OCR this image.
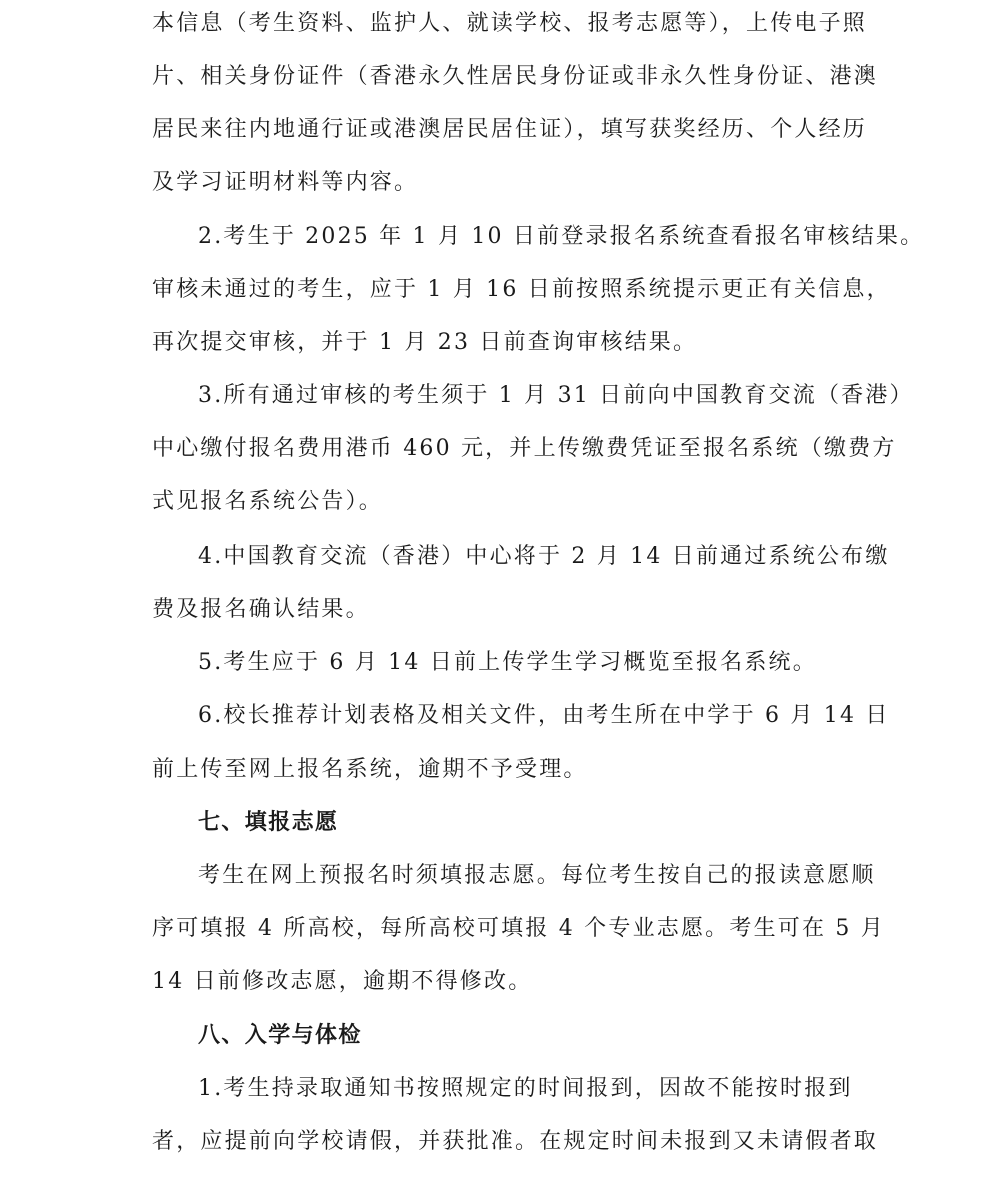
本信息（考生资料、监护人、就读学校、报考志愿等），上传电子照

片、相关身份证件（香港永久性居民身份证或非永久性身份证、港澳

居民来往内地通行证或港澳居民居住证），填写获奖经历、个人经历

及学习证明材料等内容。

2.考生于 2025 年 1 月 10 日前登录报名系统查看报名审核结果。

审核未通过的考生，应于 1 月 16 日前按照系统提示更正有关信息，

再次提交审核，并于 1 月 23 日前查询审核结果。

3.所有通过审核的考生须于 1 月 31 日前向中国教育交流（香港）

中心缴付报名费用港币 460 元，并上传缴费凭证至报名系统（缴费方

式见报名系统公告）。

4.中国教育交流（香港）中心将于 2 月 14 日前通过系统公布缴

费及报名确认结果。

5.考生应于 6 月 14 日前上传学生学习概览至报名系统。

6.校长推荐计划表格及相关文件，由考生所在中学于 6 月 14 日

前上传至网上报名系统，逾期不予受理。

七、填报志愿

考生在网上预报名时须填报志愿。每位考生按自己的报读意愿顺

序可填报 4 所高校，每所高校可填报 4 个专业志愿。考生可在 5 月

14 日前修改志愿，逾期不得修改。

八、入学与体检

1.考生持录取通知书按照规定的时间报到，因故不能按时报到

者，应提前向学校请假，并获批准。在规定时间未报到又未请假者取
